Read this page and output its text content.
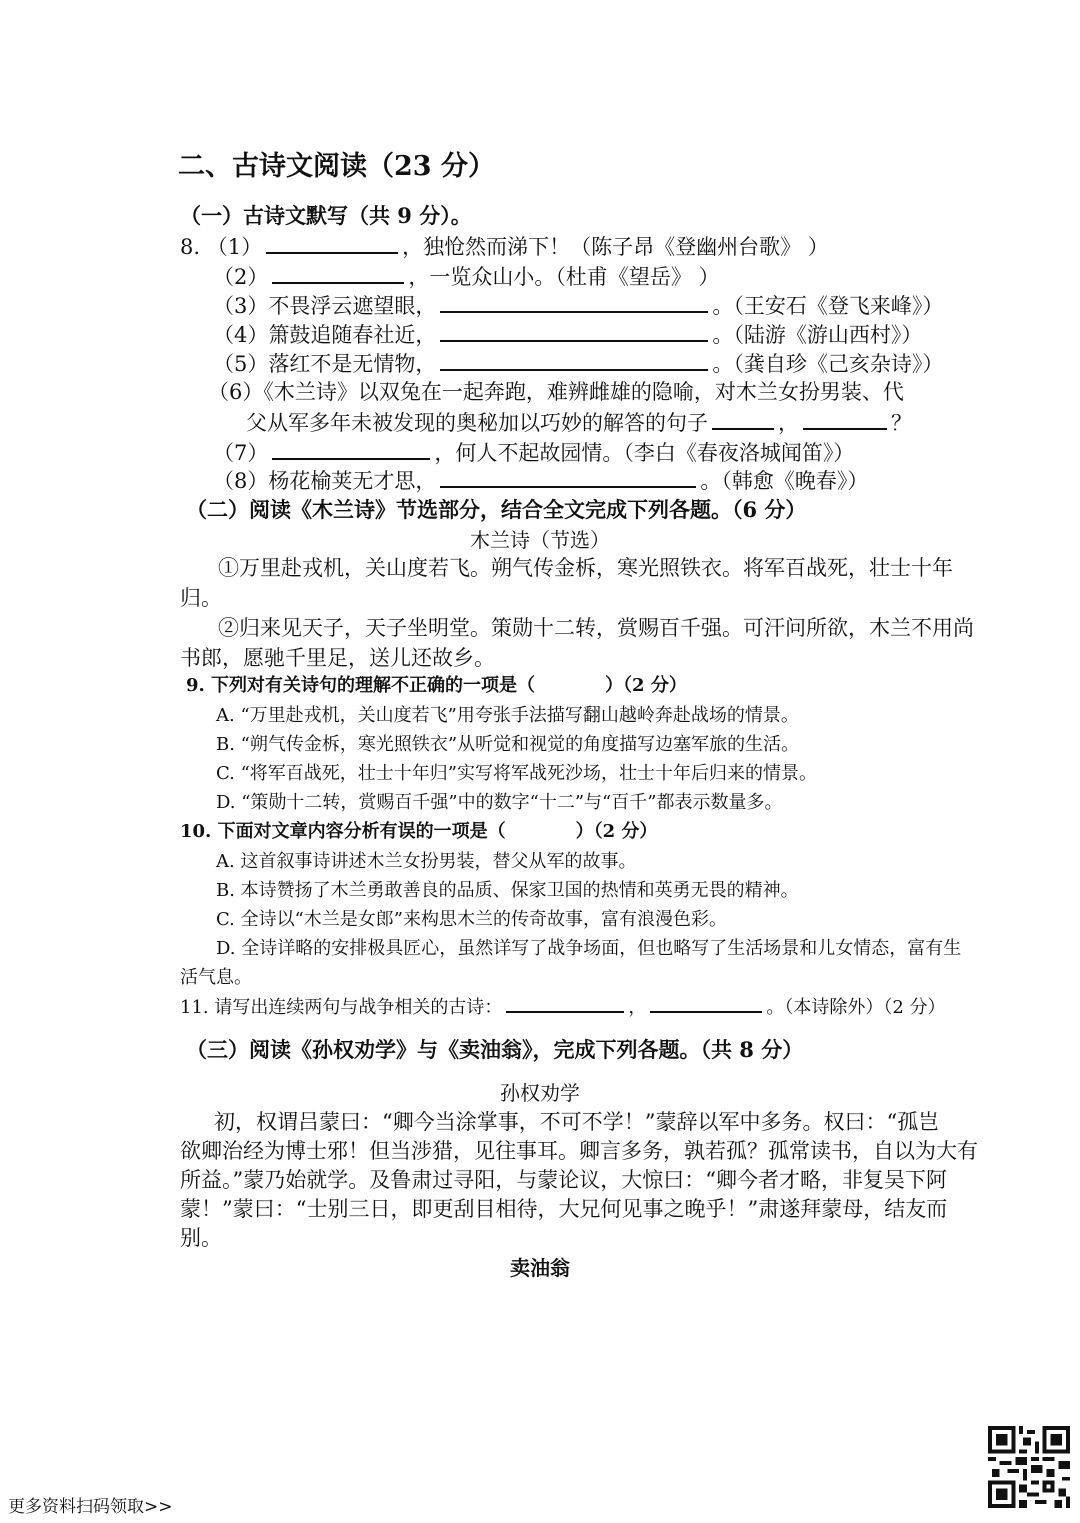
二、古诗文阅读（23 分）
（一）古诗文默写（共 9 分）。
8. （1）	，独怆然而涕下！（陈子昂《登幽州台歌》 ）
（2）	，一览众山小。（杜甫《望岳》 ）
（3）不畏浮云遮望眼，	。（王安石《登飞来峰》）
（4）箫鼓追随春社近，	。（陆游《游山西村》）
（5）落红不是无情物，	。（龚自珍《己亥杂诗》）
（6）《木兰诗》以双兔在一起奔跑，难辨雌雄的隐喻，对木兰女扮男装、代
父从军多年未被发现的奥秘加以巧妙的解答的句子	，	？
（7）	，何人不起故园情。（李白《春夜洛城闻笛》）
（8）杨花榆荚无才思，	。（韩愈《晚春》）
（二）阅读《木兰诗》节选部分，结合全文完成下列各题。（6 分）
木兰诗（节选）
①万里赴戎机，关山度若飞。朔气传金柝，寒光照铁衣。将军百战死，壮士十年
归。
②归来见天子，天子坐明堂。策勋十二转，赏赐百千强。可汗问所欲，木兰不用尚
书郎，愿驰千里足，送儿还故乡。
9. 下列对有关诗句的理解不正确的一项是（	）（2 分）
A. “万里赴戎机，关山度若飞”用夸张手法描写翻山越岭奔赴战场的情景。
B. “朔气传金柝，寒光照铁衣”从听觉和视觉的角度描写边塞军旅的生活。
C. “将军百战死，壮士十年归”实写将军战死沙场，壮士十年后归来的情景。
D. “策勋十二转，赏赐百千强”中的数字“十二”与“百千”都表示数量多。
10. 下面对文章内容分析有误的一项是（	）（2 分）
A. 这首叙事诗讲述木兰女扮男装，替父从军的故事。
B. 本诗赞扬了木兰勇敢善良的品质、保家卫国的热情和英勇无畏的精神。
C. 全诗以“木兰是女郎”来构思木兰的传奇故事，富有浪漫色彩。
D. 全诗详略的安排极具匠心，虽然详写了战争场面，但也略写了生活场景和儿女情态，富有生
活气息。
11. 请写出连续两句与战争相关的古诗：	，	。（本诗除外）（2 分）
（三）阅读《孙权劝学》与《卖油翁》，完成下列各题。（共 8 分）
孙权劝学
初，权谓吕蒙曰：“卿今当涂掌事，不可不学！”蒙辞以军中多务。权曰：“孤岂
欲卿治经为博士邪！但当涉猎，见往事耳。卿言多务，孰若孤？孤常读书，自以为大有
所益。”蒙乃始就学。及鲁肃过寻阳，与蒙论议，大惊曰：“卿今者才略，非复吴下阿
蒙！”蒙曰：“士别三日，即更刮目相待，大兄何见事之晚乎！”肃遂拜蒙母，结友而
别。
卖油翁
更多资料扫码领取>>
